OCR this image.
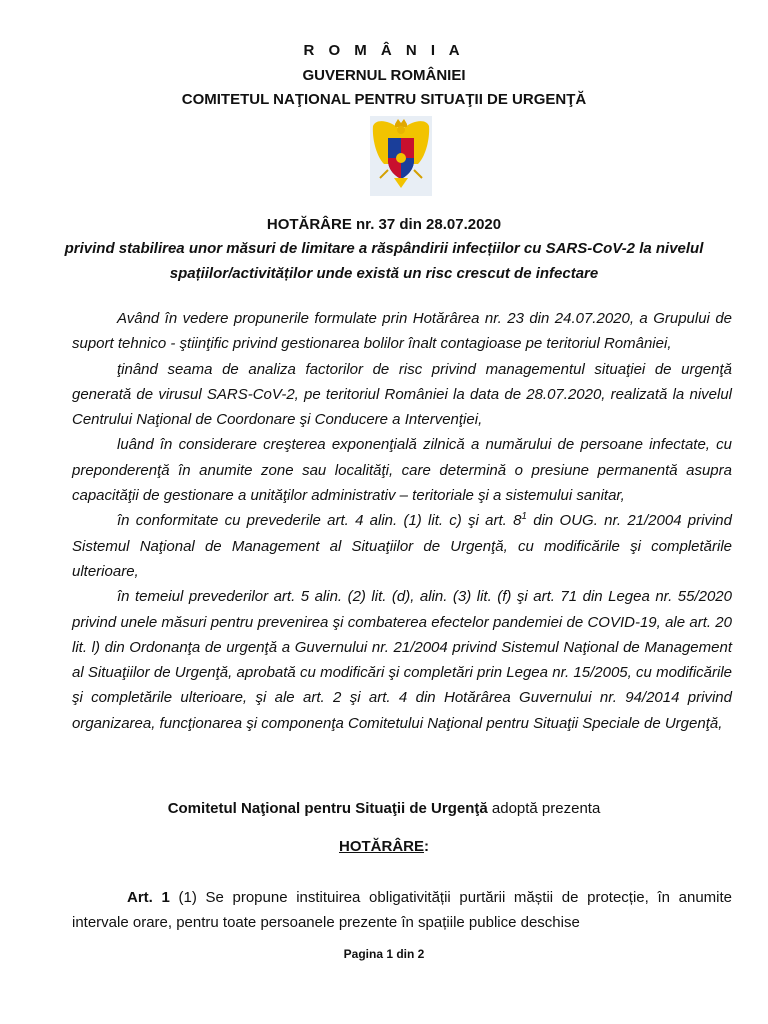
R O M Â N I A
GUVERNUL ROMÂNIEI
COMITETUL NAŢIONAL PENTRU SITUAŢII DE URGENŢĂ
HOTĂRÂRE nr. 37 din 28.07.2020
privind stabilirea unor măsuri de limitare a răspândirii infecțiilor cu SARS-CoV-2 la nivelul spațiilor/activităților unde există un risc crescut de infectare

Având în vedere propunerile formulate prin Hotărârea nr. 23 din 24.07.2020, a Grupului de suport tehnico - ştiinţific privind gestionarea bolilor înalt contagioase pe teritoriul României,

ţinând seama de analiza factorilor de risc privind managementul situaţiei de urgenţă generată de virusul SARS-CoV-2, pe teritoriul României la data de 28.07.2020, realizată la nivelul Centrului Naţional de Coordonare şi Conducere a Intervenţiei,

luând în considerare creşterea exponenţială zilnică a numărului de persoane infectate, cu preponderenţă în anumite zone sau localităţi, care determină o presiune permanentă asupra capacităţii de gestionare a unităţilor administrativ – teritoriale şi a sistemului sanitar,

în conformitate cu prevederile art. 4 alin. (1) lit. c) şi art. $8^1$ din OUG. nr. 21/2004 privind Sistemul Naţional de Management al Situaţiilor de Urgenţă, cu modificările şi completările ulterioare,

în temeiul prevederilor art. 5 alin. (2) lit. (d), alin. (3) lit. (f) şi art. 71 din Legea nr. 55/2020 privind unele măsuri pentru prevenirea şi combaterea efectelor pandemiei de COVID-19, ale art. 20 lit. l) din Ordonanţa de urgenţă a Guvernului nr. 21/2004 privind Sistemul Naţional de Management al Situaţiilor de Urgenţă, aprobată cu modificări şi completări prin Legea nr. 15/2005, cu modificările şi completările ulterioare, şi ale art. 2 şi art. 4 din Hotărârea Guvernului nr. 94/2014 privind organizarea, funcţionarea şi componenţa Comitetului Naţional pentru Situaţii Speciale de Urgenţă,

Comitetul Naţional pentru Situaţii de Urgenţă adoptă prezenta
HOTĂRÂRE:
Art. 1 (1) Se propune instituirea obligativității purtării măștii de protecție, în anumite intervale orare, pentru toate persoanele prezente în spațiile publice deschise
Pagina 1 din 2
